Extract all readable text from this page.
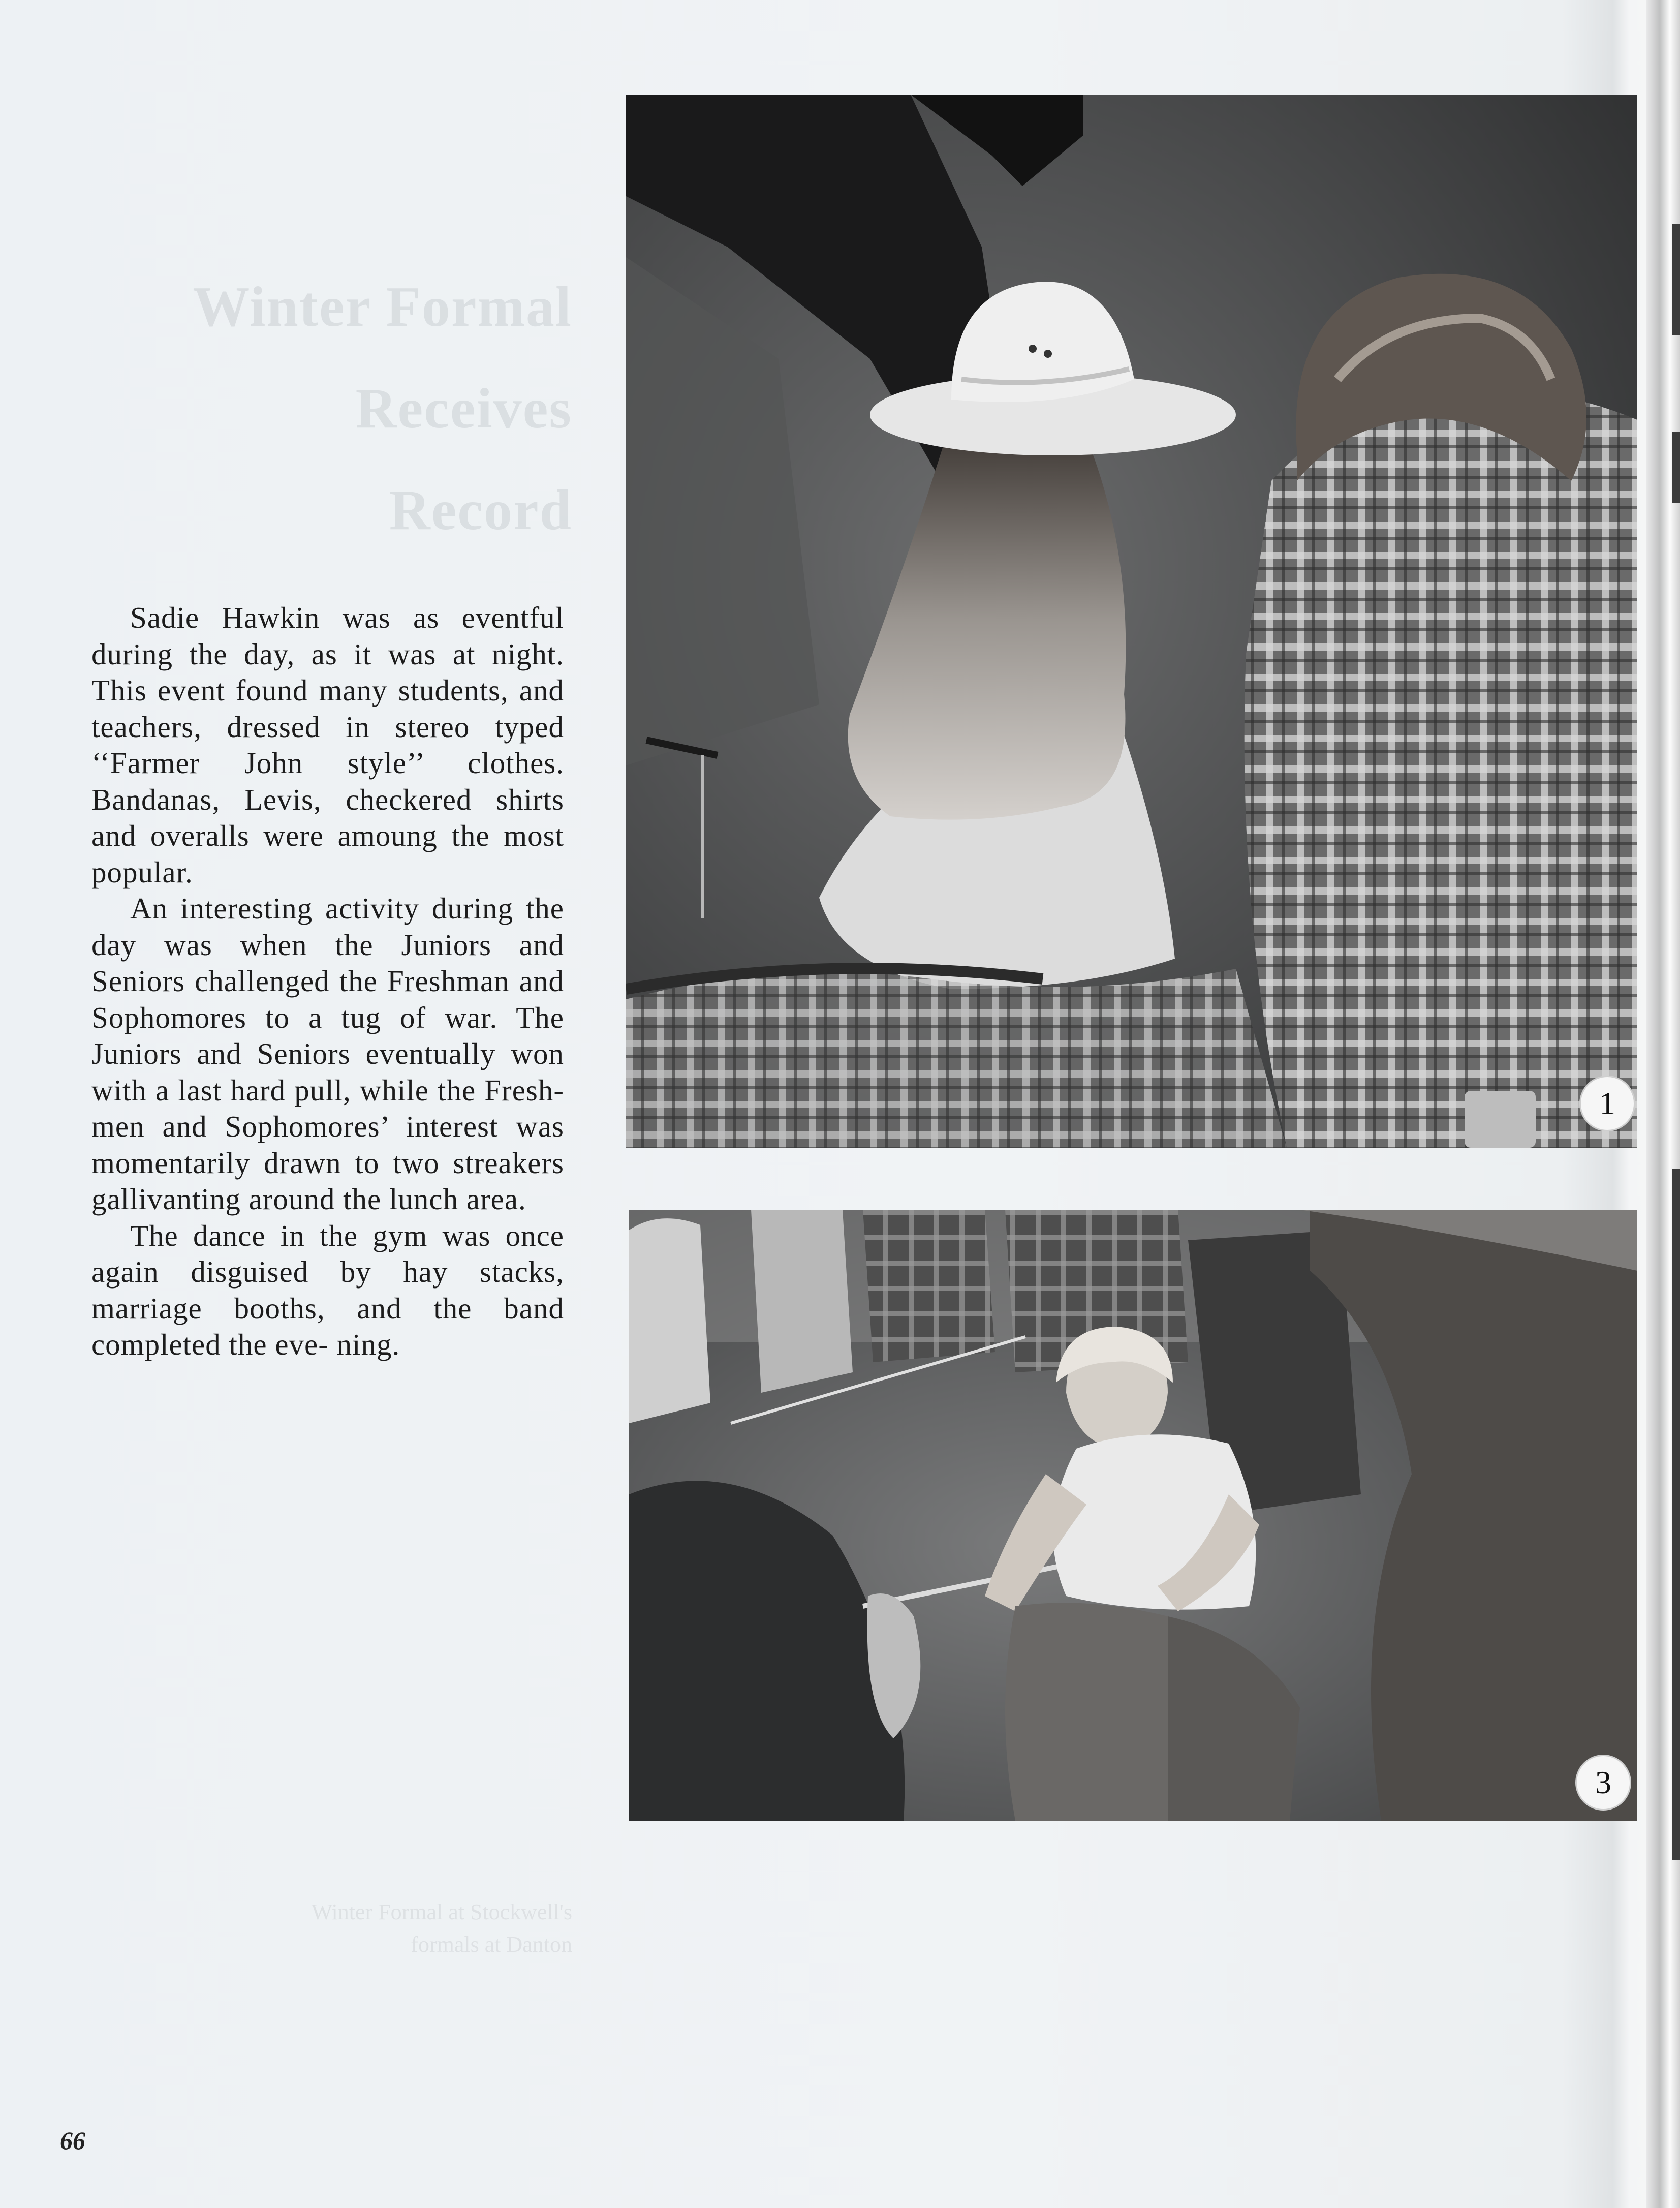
Winter Formal
Receives
Record
Winter Formal at Stockwell's
formals at Danton

Sadie Hawkin was as eventful during the day, as it was at night. This event found many students, and teachers, dressed in stereo typed ‘‘Farmer John style’’ clothes. Bandanas, Levis, checkered shirts and overalls were amoung the most popular.

An interesting activity during the day was when the Juniors and Seniors challenged the Freshman and Sophomores to a tug of war. The Juniors and Seniors eventually won with a last hard pull, while the Fresh- men and Sophomores’ interest was momentarily drawn to two streakers gallivanting around the lunch area.

The dance in the gym was once again disguised by hay stacks, marriage booths, and the band completed the eve- ning.

66
1
3
